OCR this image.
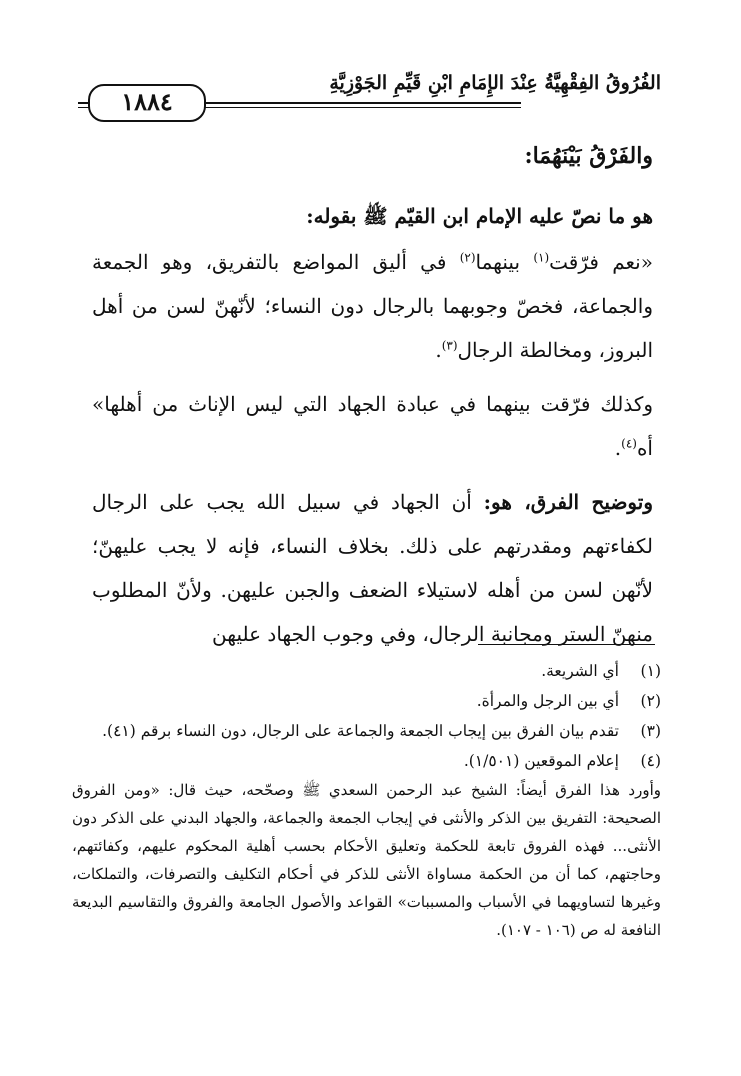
الفُرُوقُ الفِقْهِيَّةُ عِنْدَ الإِمَامِ ابْنِ قَيِّمِ الجَوْزِيَّةِ
١٨٨٤
والفَرْقُ بَيْنَهُمَا:

هو ما نصّ عليه الإمام ابن القيّم ﷺ بقوله:

«نعم فرّقت$^{(١)}$ بينهما$^{(٢)}$ في أليق المواضع بالتفريق، وهو الجمعة والجماعة، فخصّ وجوبهما بالرجال دون النساء؛ لأنّهنّ لسن من أهل البروز، ومخالطة الرجال$^{(٣)}$.

وكذلك فرّقت بينهما في عبادة الجهاد التي ليس الإناث من أهلها» أه$^{(٤)}$.

وتوضيح الفرق، هو: أن الجهاد في سبيل الله يجب على الرجال لكفاءتهم ومقدرتهم على ذلك. بخلاف النساء، فإنه لا يجب عليهنّ؛ لأنّهن لسن من أهله لاستيلاء الضعف والجبن عليهن. ولأنّ المطلوب منهنّ الستر ومجانبة الرجال، وفي وجوب الجهاد عليهن

(١)
أي الشريعة.
(٢)
أي بين الرجل والمرأة.
(٣)
تقدم بيان الفرق بين إيجاب الجمعة والجماعة على الرجال، دون النساء برقم (٤١).
(٤)
إعلام الموقعين (١/٥٠١).
وأورد هذا الفرق أيضاً: الشيخ عبد الرحمن السعدي ﷺ وصحّحه، حيث قال: «ومن الفروق الصحيحة: التفريق بين الذكر والأنثى في إيجاب الجمعة والجماعة، والجهاد البدني على الذكر دون الأنثى... فهذه الفروق تابعة للحكمة وتعليق الأحكام بحسب أهلية المحكوم عليهم، وكفائتهم، وحاجتهم، كما أن من الحكمة مساواة الأنثى للذكر في أحكام التكليف والتصرفات، والتملكات، وغيرها لتساويهما في الأسباب والمسببات» القواعد والأصول الجامعة والفروق والتقاسيم البديعة النافعة له ص (١٠٦ - ١٠٧).
